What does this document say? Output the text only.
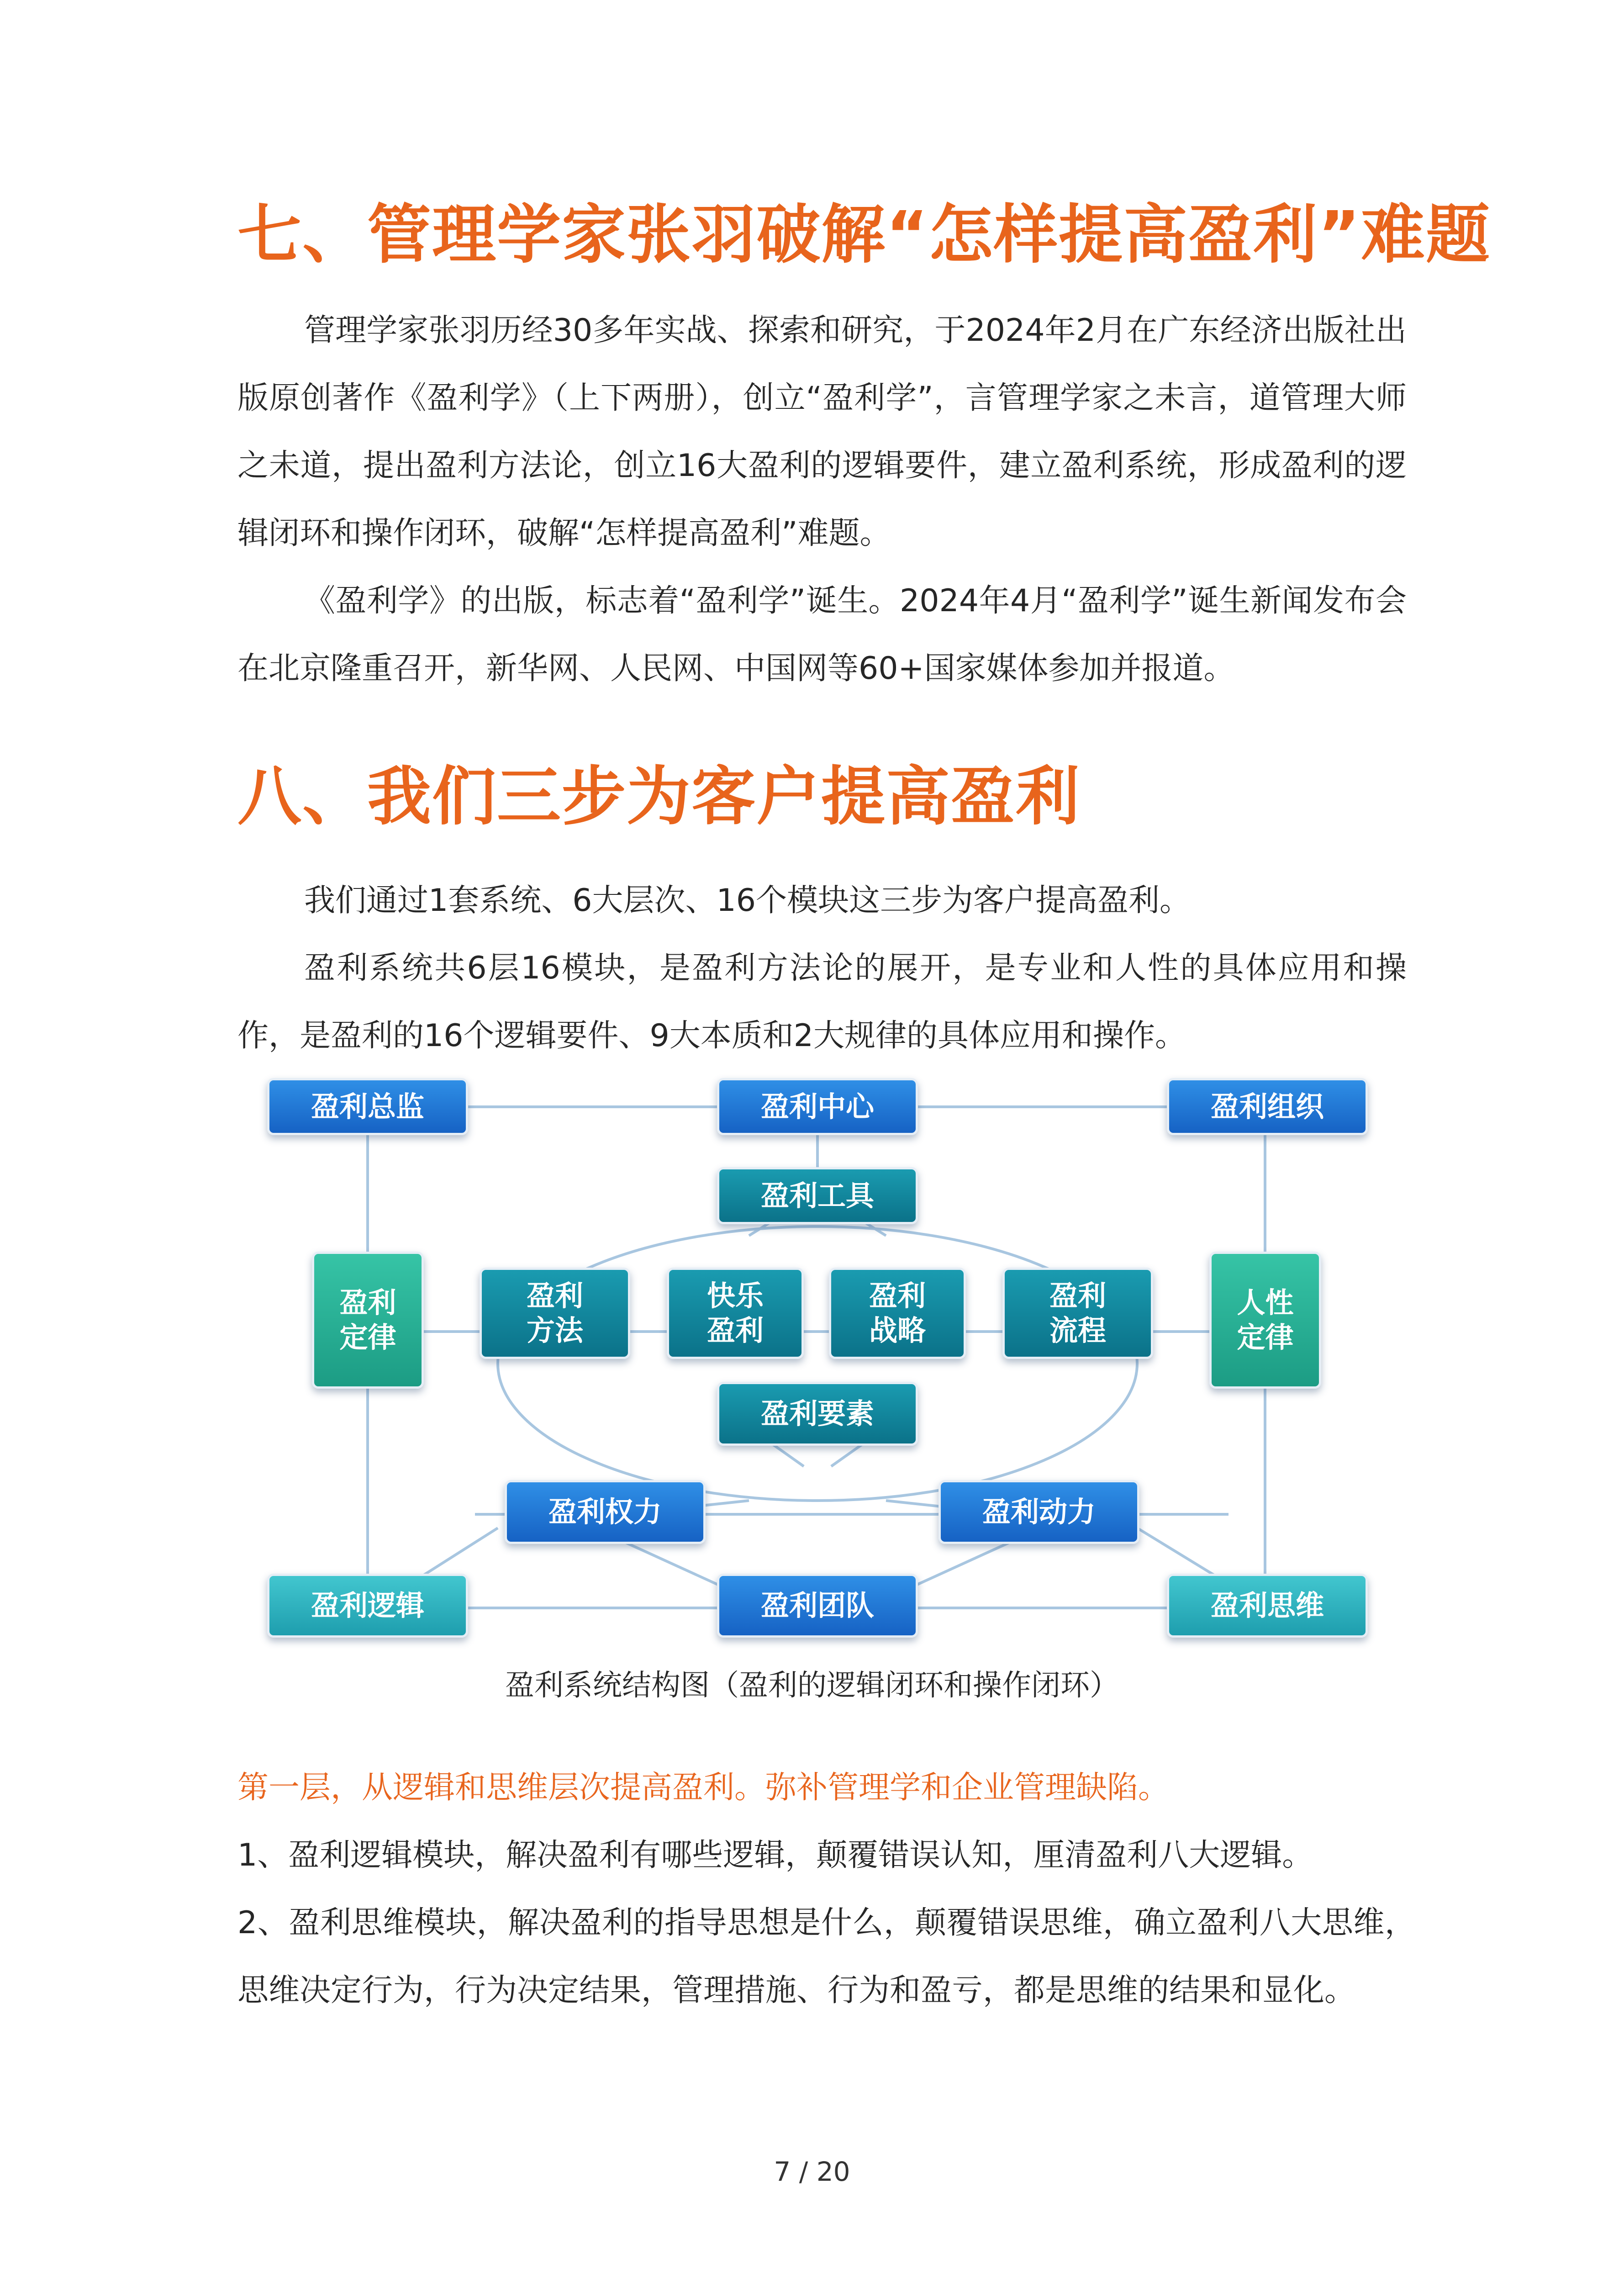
七、管理学家张羽破解“怎样提高盈利”难题

管理学家张羽历经30多年实战、探索和研究，于2024年2月在广东经济出版社出版原创著作《盈利学》（上下两册），创立“盈利学”，言管理学家之未言，道管理大师之未道，提出盈利方法论，创立16大盈利的逻辑要件，建立盈利系统，形成盈利的逻辑闭环和操作闭环，破解“怎样提高盈利”难题。

《盈利学》的出版，标志着“盈利学”诞生。2024年4月“盈利学”诞生新闻发布会在北京隆重召开，新华网、人民网、中国网等60+国家媒体参加并报道。

八、我们三步为客户提高盈利

我们通过1套系统、6大层次、16个模块这三步为客户提高盈利。

盈利系统共6层16模块，是盈利方法论的展开，是专业和人性的具体应用和操作，是盈利的16个逻辑要件、9大本质和2大规律的具体应用和操作。

盈利总监	盈利中心	盈利组织
盈利工具
盈利
定律
盈利
方法
快乐
盈利
盈利
战略
盈利
流程
人性
定律
盈利要素
盈利权力	盈利动力
盈利逻辑	盈利团队	盈利思维

盈利系统结构图（盈利的逻辑闭环和操作闭环）

第一层，从逻辑和思维层次提高盈利。弥补管理学和企业管理缺陷。

1、盈利逻辑模块，解决盈利有哪些逻辑，颠覆错误认知，厘清盈利八大逻辑。

2、盈利思维模块，解决盈利的指导思想是什么，颠覆错误思维，确立盈利八大思维，思维决定行为，行为决定结果，管理措施、行为和盈亏，都是思维的结果和显化。

7 / 20
